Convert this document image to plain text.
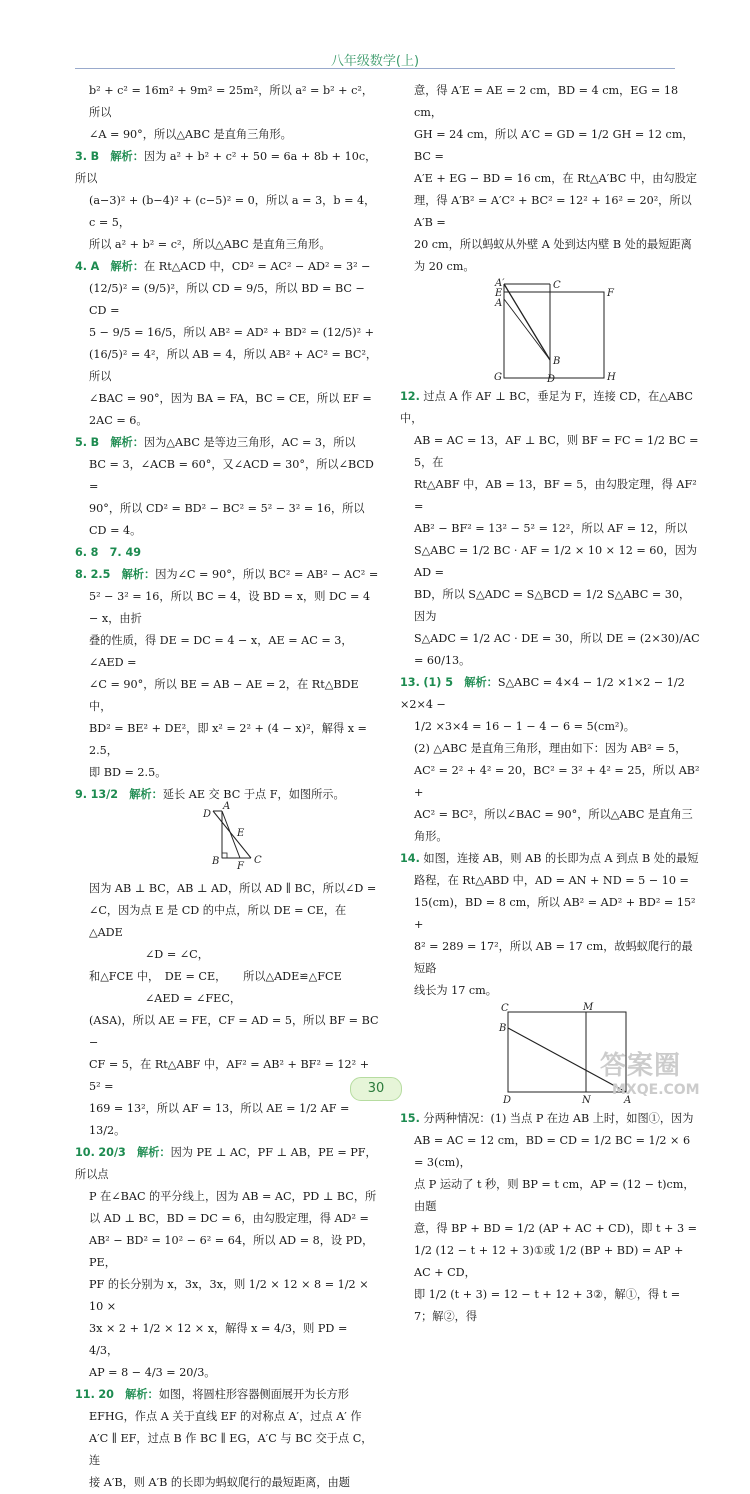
八年级数学(上)

b² + c² = 16m² + 9m² = 25m²，所以 a² = b² + c²，所以

∠A = 90°，所以△ABC 是直角三角形。

3. B　解析：因为 a² + b² + c² + 50 = 6a + 8b + 10c，所以

(a−3)² + (b−4)² + (c−5)² = 0，所以 a = 3，b = 4，c = 5，

所以 a² + b² = c²，所以△ABC 是直角三角形。

4. A　解析：在 Rt△ACD 中，CD² = AC² − AD² = 3² −

(12/5)² = (9/5)²，所以 CD = 9/5，所以 BD = BC − CD =

5 − 9/5 = 16/5，所以 AB² = AD² + BD² = (12/5)² +

(16/5)² = 4²，所以 AB = 4，所以 AB² + AC² = BC²，所以

∠BAC = 90°，因为 BA = FA，BC = CE，所以 EF =

2AC = 6。

5. B　解析：因为△ABC 是等边三角形，AC = 3，所以

BC = 3，∠ACB = 60°，又∠ACD = 30°，所以∠BCD =

90°，所以 CD² = BD² − BC² = 5² − 3² = 16，所以 CD = 4。

6. 8　7. 49

8. 2.5　解析：因为∠C = 90°，所以 BC² = AB² − AC² =

5² − 3² = 16，所以 BC = 4，设 BD = x，则 DC = 4 − x，由折

叠的性质，得 DE = DC = 4 − x，AE = AC = 3，∠AED =

∠C = 90°，所以 BE = AB − AE = 2，在 Rt△BDE 中，

BD² = BE² + DE²，即 x² = 2² + (4 − x)²，解得 x = 2.5，

即 BD = 2.5。

9. 13/2　解析：延长 AE 交 BC 于点 F，如图所示。

D
A
E
B F
C

因为 AB ⊥ BC，AB ⊥ AD，所以 AD ∥ BC，所以∠D =

∠C，因为点 E 是 CD 的中点，所以 DE = CE，在△ADE

　　　　　∠D = ∠C，

和△FCE 中，　DE = CE，　　所以△ADE≌△FCE

　　　　　∠AED = ∠FEC，

(ASA)，所以 AE = FE，CF = AD = 5，所以 BF = BC −

CF = 5，在 Rt△ABF 中，AF² = AB² + BF² = 12² + 5² =

169 = 13²，所以 AF = 13，所以 AE = 1/2 AF = 13/2。

10. 20/3　解析：因为 PE ⊥ AC，PF ⊥ AB，PE = PF，所以点

P 在∠BAC 的平分线上，因为 AB = AC，PD ⊥ BC，所

以 AD ⊥ BC，BD = DC = 6，由勾股定理，得 AD² =

AB² − BD² = 10² − 6² = 64，所以 AD = 8，设 PD，PE，

PF 的长分别为 x，3x，3x，则 1/2 × 12 × 8 = 1/2 × 10 ×

3x × 2 + 1/2 × 12 × x，解得 x = 4/3，则 PD = 4/3，

AP = 8 − 4/3 = 20/3。

11. 20　解析：如图，将圆柱形容器侧面展开为长方形

EFHG，作点 A 关于直线 EF 的对称点 A′，过点 A′ 作

A′C ∥ EF，过点 B 作 BC ∥ EG，A′C 与 BC 交于点 C，连

接 A′B，则 A′B 的长即为蚂蚁爬行的最短距离，由题

意，得 A′E = AE = 2 cm，BD = 4 cm，EG = 18 cm，

GH = 24 cm，所以 A′C = GD = 1/2 GH = 12 cm，BC =

A′E + EG − BD = 16 cm，在 Rt△A′BC 中，由勾股定

理，得 A′B² = A′C² + BC² = 12² + 16² = 20²，所以 A′B =

20 cm，所以蚂蚁从外壁 A 处到达内壁 B 处的最短距离

为 20 cm。

A′
E
A
C
F
B
G	D	H

12. 过点 A 作 AF ⊥ BC，垂足为 F，连接 CD，在△ABC 中，

AB = AC = 13，AF ⊥ BC，则 BF = FC = 1/2 BC = 5，在

Rt△ABF 中，AB = 13，BF = 5，由勾股定理，得 AF² =

AB² − BF² = 13² − 5² = 12²，所以 AF = 12，所以

S△ABC = 1/2 BC · AF = 1/2 × 10 × 12 = 60，因为 AD =

BD，所以 S△ADC = S△BCD = 1/2 S△ABC = 30，因为

S△ADC = 1/2 AC · DE = 30，所以 DE = (2×30)/AC = 60/13。

13. (1) 5　解析：S△ABC = 4×4 − 1/2 ×1×2 − 1/2 ×2×4 −

1/2 ×3×4 = 16 − 1 − 4 − 6 = 5(cm²)。

(2) △ABC 是直角三角形，理由如下：因为 AB² = 5，

AC² = 2² + 4² = 20，BC² = 3² + 4² = 25，所以 AB² +

AC² = BC²，所以∠BAC = 90°，所以△ABC 是直角三

角形。

14. 如图，连接 AB，则 AB 的长即为点 A 到点 B 处的最短

路程，在 Rt△ABD 中，AD = AN + ND = 5 − 10 =

15(cm)，BD = 8 cm，所以 AB² = AD² + BD² = 15² +

8² = 289 = 17²，所以 AB = 17 cm，故蚂蚁爬行的最短路

线长为 17 cm。

C	M
B
D	N	A

15. 分两种情况：(1) 当点 P 在边 AB 上时，如图①，因为

AB = AC = 12 cm，BD = CD = 1/2 BC = 1/2 × 6 = 3(cm)，

点 P 运动了 t 秒，则 BP = t cm，AP = (12 − t)cm，由题

意，得 BP + BD = 1/2 (AP + AC + CD)，即 t + 3 =

1/2 (12 − t + 12 + 3)①或 1/2 (BP + BD) = AP + AC + CD，

即 1/2 (t + 3) = 12 − t + 12 + 3②，解①，得 t = 7；解②，得

30
答案圈
MXQE.COM
